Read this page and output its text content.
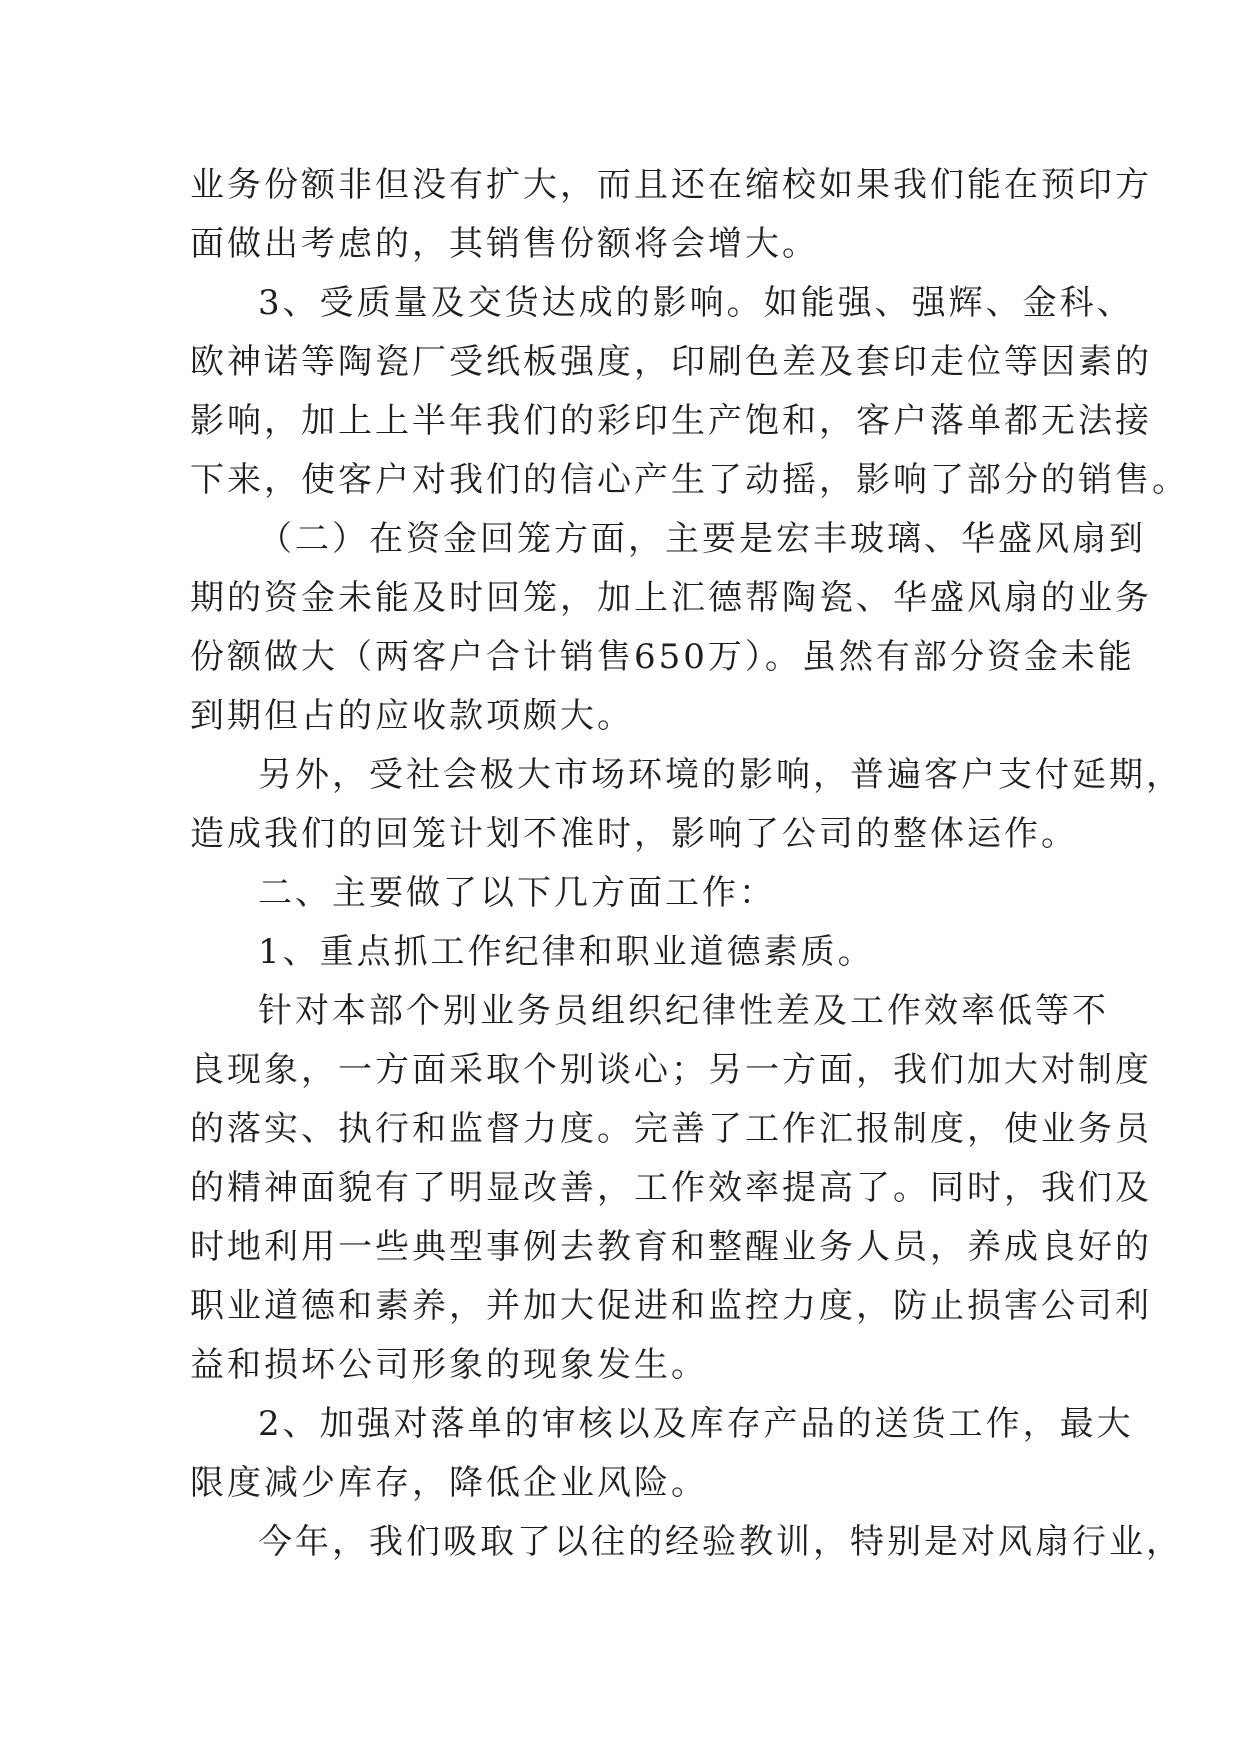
业务份额非但没有扩大，而且还在缩校如果我们能在预印方
面做出考虑的，其销售份额将会增大。

3、受质量及交货达成的影响。如能强、强辉、金科、
欧神诺等陶瓷厂受纸板强度，印刷色差及套印走位等因素的
影响，加上上半年我们的彩印生产饱和，客户落单都无法接
下来，使客户对我们的信心产生了动摇，影响了部分的销售。

（二）在资金回笼方面，主要是宏丰玻璃、华盛风扇到
期的资金未能及时回笼，加上汇德帮陶瓷、华盛风扇的业务
份额做大（两客户合计销售650万）。虽然有部分资金未能
到期但占的应收款项颇大。

另外，受社会极大市场环境的影响，普遍客户支付延期，
造成我们的回笼计划不准时，影响了公司的整体运作。

二、主要做了以下几方面工作：

1、重点抓工作纪律和职业道德素质。

针对本部个别业务员组织纪律性差及工作效率低等不
良现象，一方面采取个别谈心；另一方面，我们加大对制度
的落实、执行和监督力度。完善了工作汇报制度，使业务员
的精神面貌有了明显改善，工作效率提高了。同时，我们及
时地利用一些典型事例去教育和整醒业务人员，养成良好的
职业道德和素养，并加大促进和监控力度，防止损害公司利
益和损坏公司形象的现象发生。

2、加强对落单的审核以及库存产品的送货工作，最大
限度减少库存，降低企业风险。

今年，我们吸取了以往的经验教训，特别是对风扇行业，
